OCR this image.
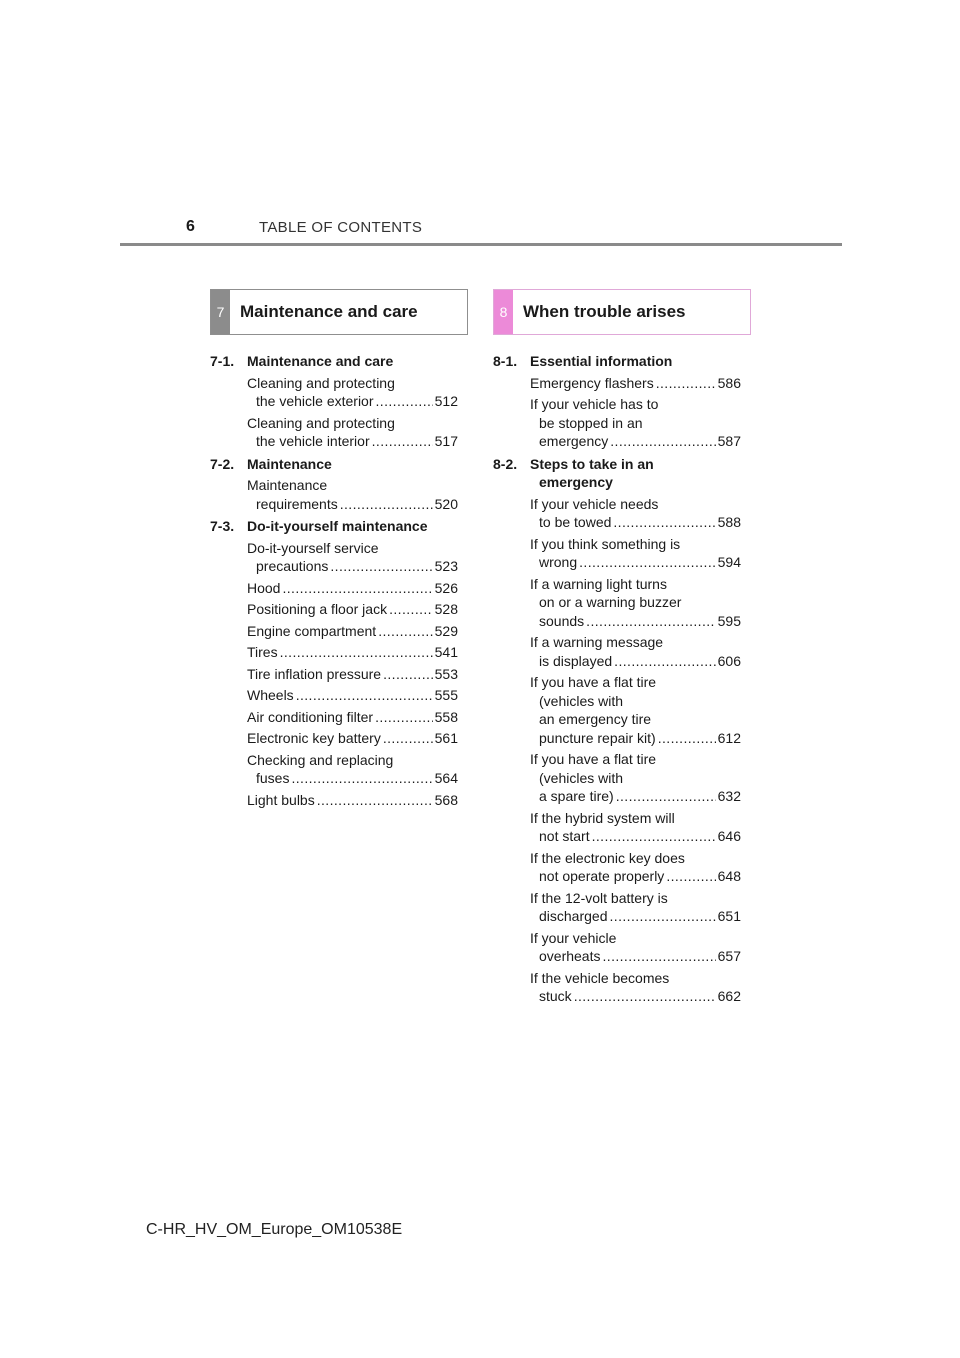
6	TABLE OF CONTENTS
7 Maintenance and care	8 When trouble arises
7-1. Maintenance and care
Cleaning and protecting
the vehicle exterior .....	512
Cleaning and protecting
the vehicle interior .....	517
7-2. Maintenance
Maintenance
requirements .....	520
7-3. Do-it-yourself maintenance
Do-it-yourself service
precautions .....	523
Hood .....	526
Positioning a floor jack .....	528
Engine compartment .....	529
Tires .....	541
Tire inflation pressure .....	553
Wheels .....	555
Air conditioning filter .....	558
Electronic key battery .....	561
Checking and replacing
fuses .....	564
Light bulbs .....	568
8-1. Essential information
Emergency flashers .....	586
If your vehicle has to
be stopped in an
emergency .....	587
8-2. Steps to take in an
emergency
If your vehicle needs
to be towed .....	588
If you think something is
wrong .....	594
If a warning light turns
on or a warning buzzer
sounds .....	595
If a warning message
is displayed .....	606
If you have a flat tire
(vehicles with
an emergency tire
puncture repair kit) .....	612
If you have a flat tire
(vehicles with
a spare tire) .....	632
If the hybrid system will
not start .....	646
If the electronic key does
not operate properly .....	648
If the 12-volt battery is
discharged .....	651
If your vehicle
overheats .....	657
If the vehicle becomes
stuck .....	662
C-HR_HV_OM_Europe_OM10538E
